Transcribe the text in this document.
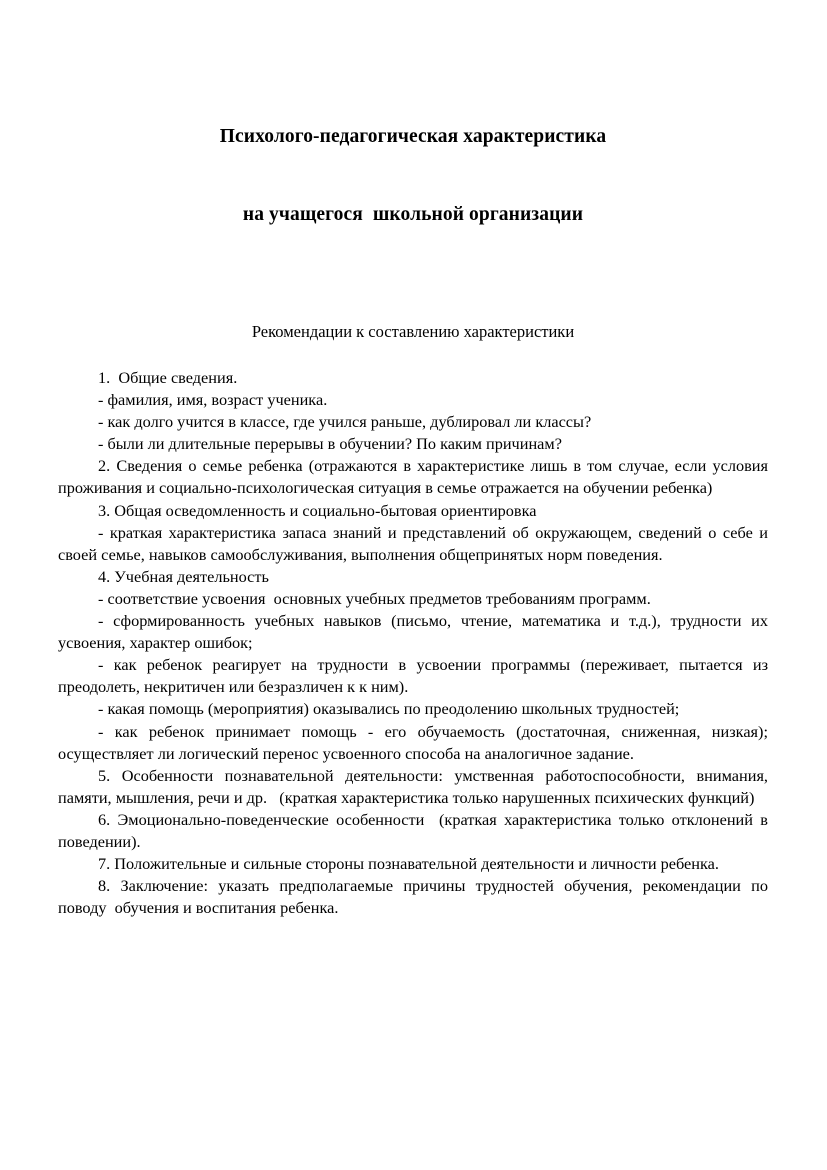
Психолого-педагогическая характеристика

на учащегося  школьной организации

Рекомендации к составлению характеристики

1.  Общие сведения.

- фамилия, имя, возраст ученика.

- как долго учится в классе, где учился раньше, дублировал ли классы?

- были ли длительные перерывы в обучении? По каким причинам?

2. Сведения о семье ребенка (отражаются в характеристике лишь в том случае, если условия проживания и социально-психологическая ситуация в семье отражается на обучении ребенка)

3. Общая осведомленность и социально-бытовая ориентировка

- краткая характеристика запаса знаний и представлений об окружающем, сведений о себе и своей семье, навыков самообслуживания, выполнения общепринятых норм поведения.

4. Учебная деятельность

- соответствие усвоения  основных учебных предметов требованиям программ.

- сформированность учебных навыков (письмо, чтение, математика и т.д.), трудности их усвоения, характер ошибок;

- как ребенок реагирует на трудности в усвоении программы (переживает, пытается из преодолеть, некритичен или безразличен к к ним).

- какая помощь (мероприятия) оказывались по преодолению школьных трудностей;

- как ребенок принимает помощь - его обучаемость (достаточная, сниженная, низкая); осуществляет ли логический перенос усвоенного способа на аналогичное задание.

5. Особенности познавательной деятельности: умственная работоспособности, внимания, памяти, мышления, речи и др.   (краткая характеристика только нарушенных психических функций)

6. Эмоционально-поведенческие особенности  (краткая характеристика только отклонений в поведении).

7. Положительные и сильные стороны познавательной деятельности и личности ребенка.

8. Заключение: указать предполагаемые причины трудностей обучения, рекомендации по поводу  обучения и воспитания ребенка.
